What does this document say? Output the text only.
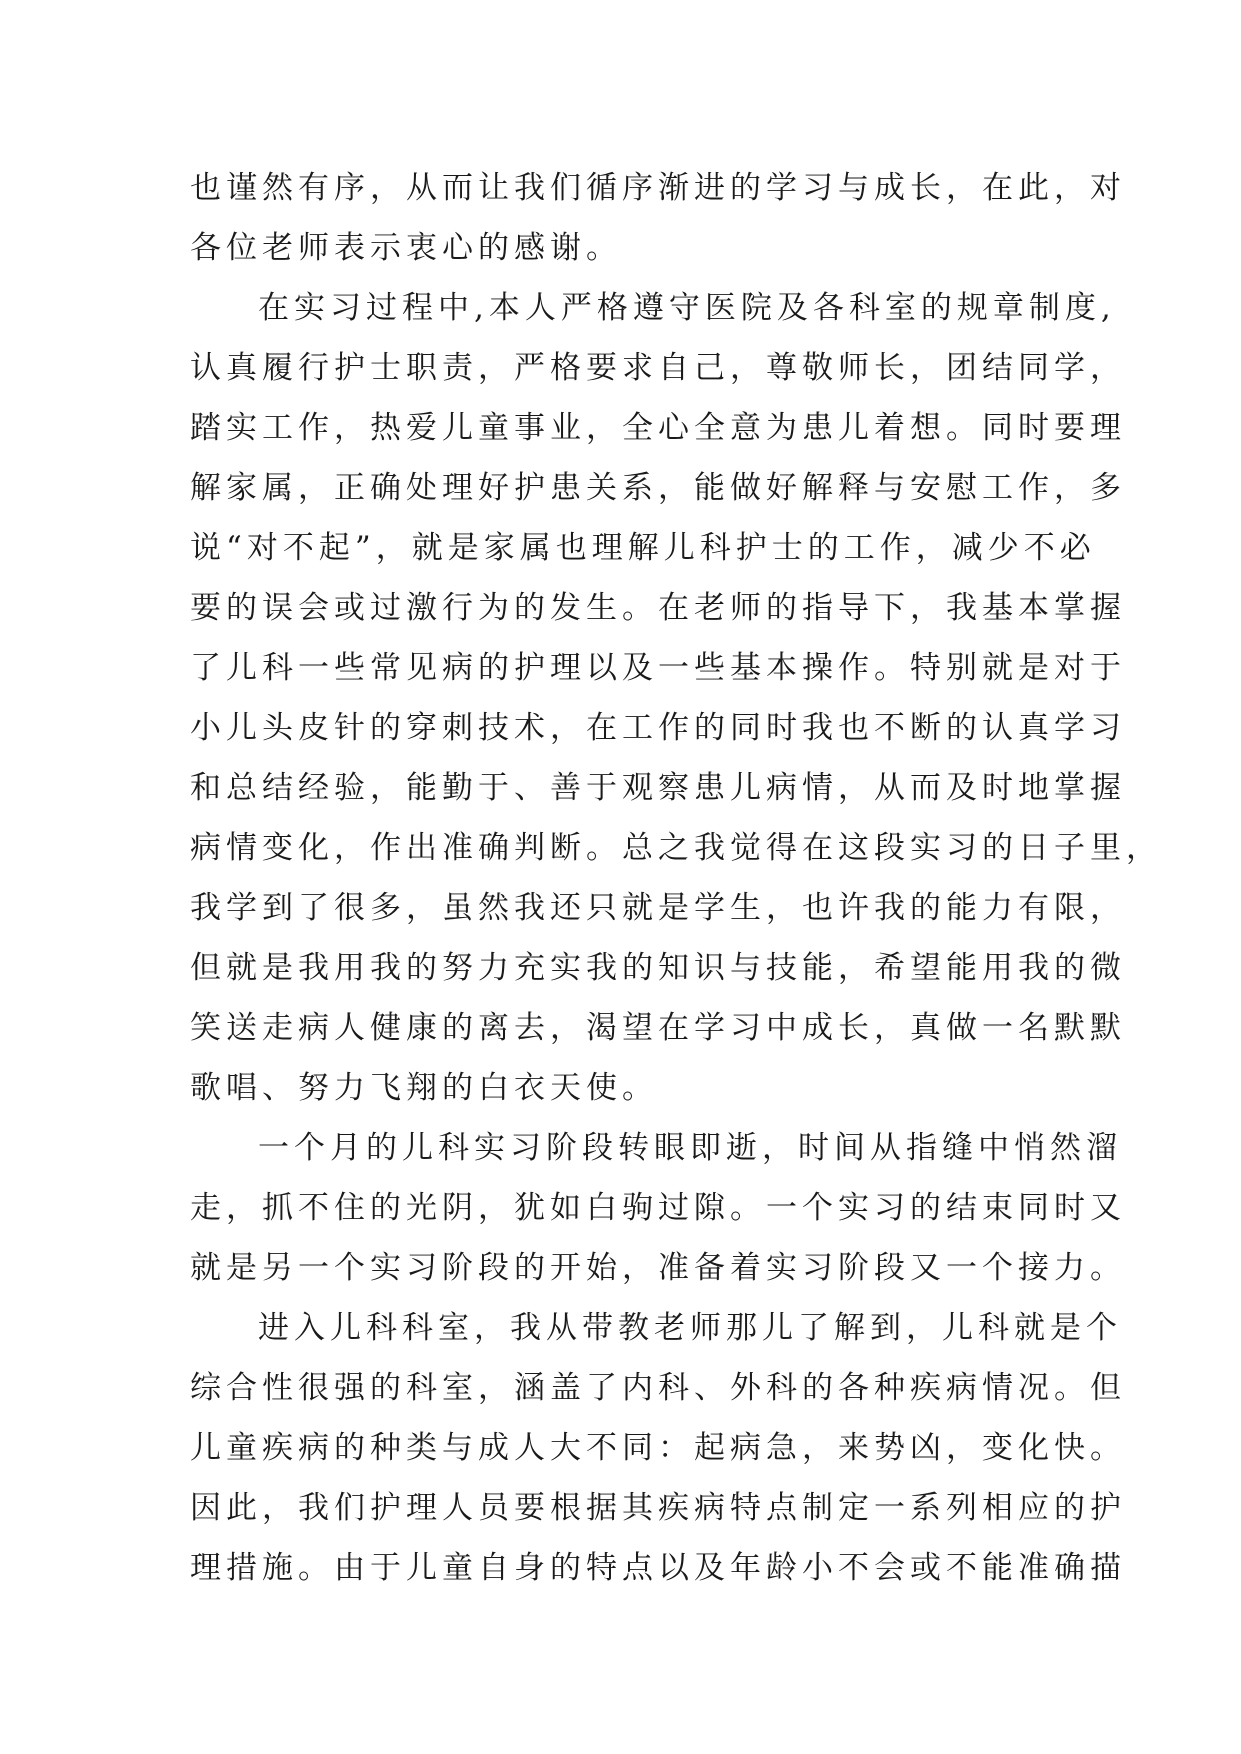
也谨然有序，从而让我们循序渐进的学习与成长，在此，对
各位老师表示衷心的感谢。
在实习过程中,本人严格遵守医院及各科室的规章制度,
认真履行护士职责，严格要求自己，尊敬师长，团结同学，
踏实工作，热爱儿童事业，全心全意为患儿着想。同时要理
解家属，正确处理好护患关系，能做好解释与安慰工作，多
说“对不起”，就是家属也理解儿科护士的工作，减少不必
要的误会或过激行为的发生。在老师的指导下，我基本掌握
了儿科一些常见病的护理以及一些基本操作。特别就是对于
小儿头皮针的穿刺技术，在工作的同时我也不断的认真学习
和总结经验，能勤于、善于观察患儿病情，从而及时地掌握
病情变化，作出准确判断。总之我觉得在这段实习的日子里，
我学到了很多，虽然我还只就是学生，也许我的能力有限，
但就是我用我的努力充实我的知识与技能，希望能用我的微
笑送走病人健康的离去，渴望在学习中成长，真做一名默默
歌唱、努力飞翔的白衣天使。
一个月的儿科实习阶段转眼即逝，时间从指缝中悄然溜
走，抓不住的光阴，犹如白驹过隙。一个实习的结束同时又
就是另一个实习阶段的开始，准备着实习阶段又一个接力。
进入儿科科室，我从带教老师那儿了解到，儿科就是个
综合性很强的科室，涵盖了内科、外科的各种疾病情况。但
儿童疾病的种类与成人大不同：起病急，来势凶，变化快。
因此，我们护理人员要根据其疾病特点制定一系列相应的护
理措施。由于儿童自身的特点以及年龄小不会或不能准确描
